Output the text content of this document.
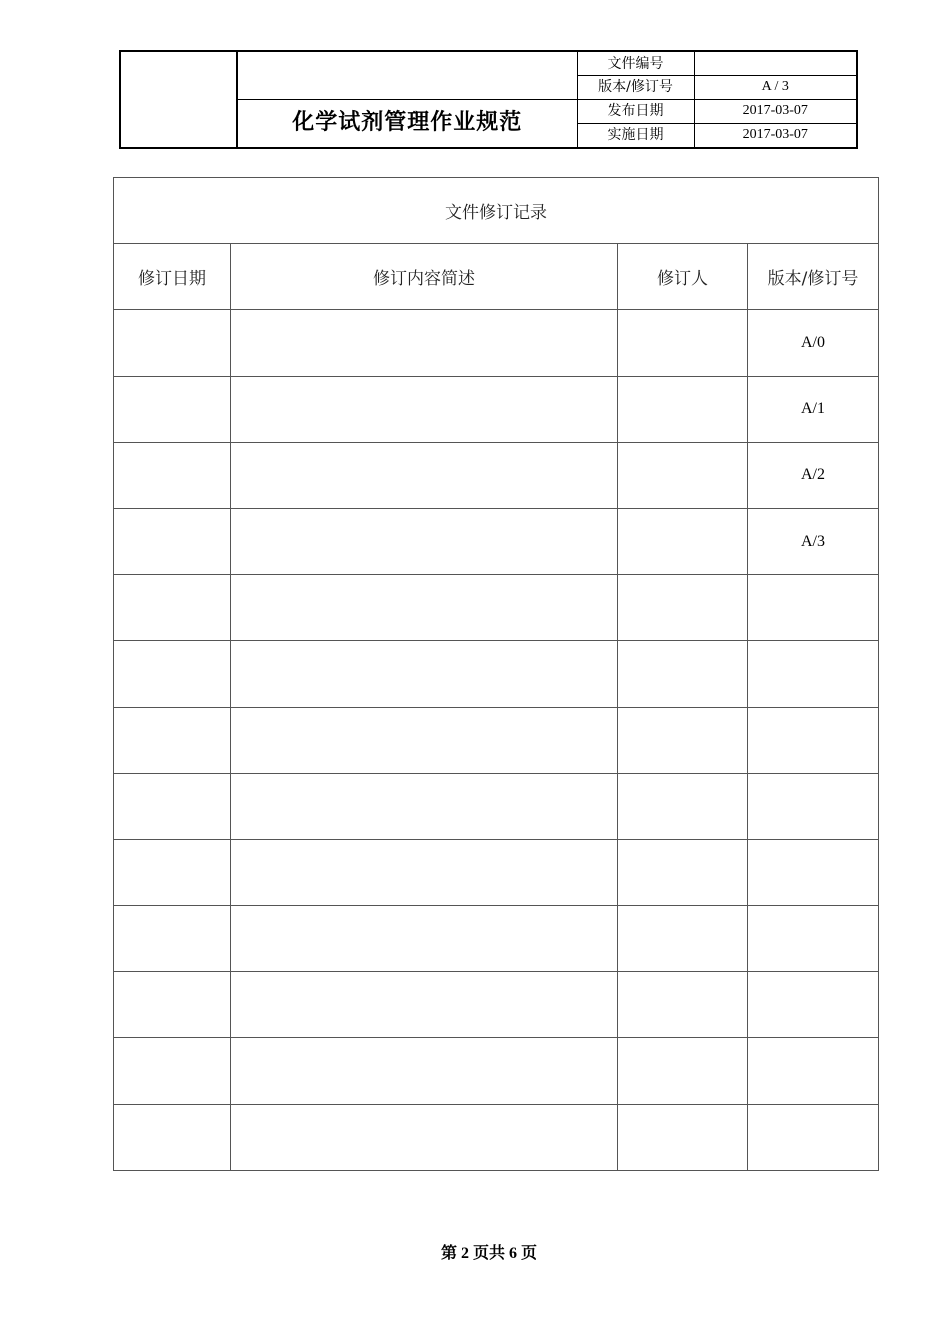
		文件编号	
		版本/修订号	A / 3
	化学试剂管理作业规范	发布日期	2017-03-07
		实施日期	2017-03-07
文件修订记录			
修订日期	修订内容简述	修订人	版本/修订号
			A/0
			A/1
			A/2
			A/3

第 2 页共 6 页
